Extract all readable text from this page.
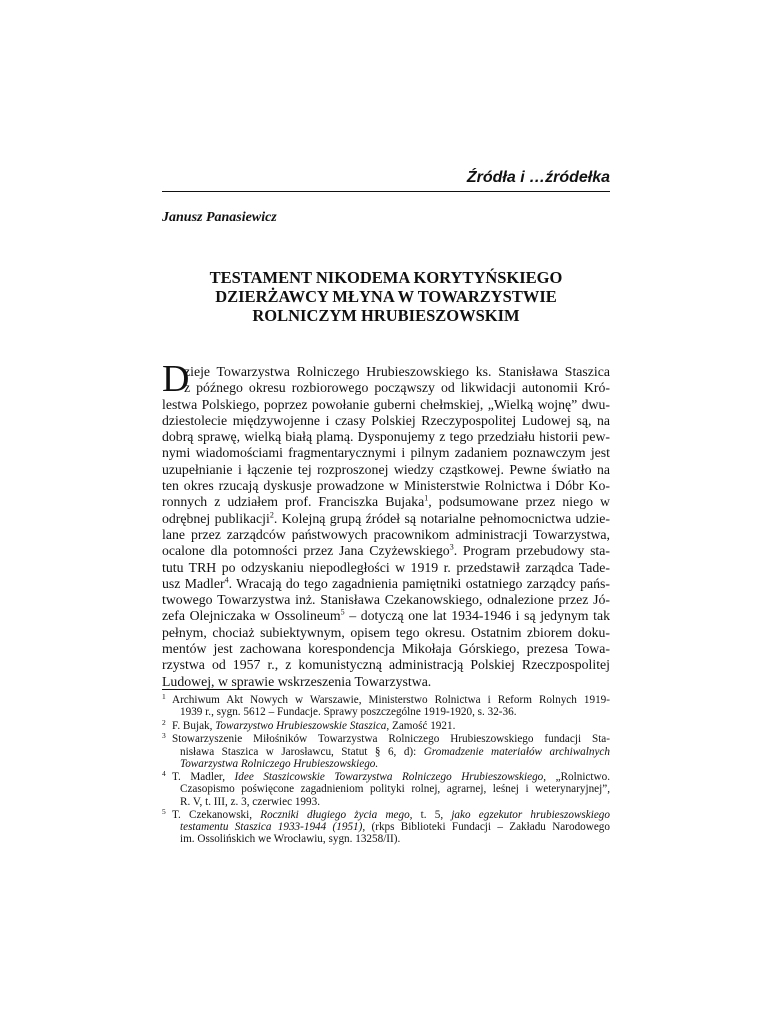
Źródła i …źródełka
Janusz Panasiewicz
TESTAMENT NIKODEMA KORYTYŃSKIEGO
DZIERŻAWCY MŁYNA W TOWARZYSTWIE
ROLNICZYM HRUBIESZOWSKIM
D
zieje Towarzystwa Rolniczego Hrubieszowskiego ks. Stanisława Staszica
z późnego okresu rozbiorowego począwszy od likwidacji autonomii Kró-
lestwa Polskiego, poprzez powołanie guberni chełmskiej, „Wielką wojnę” dwu-
dziestolecie międzywojenne i czasy Polskiej Rzeczypospolitej Ludowej są, na
dobrą sprawę, wielką białą plamą. Dysponujemy z tego przedziału historii pew-
nymi wiadomościami fragmentarycznymi i pilnym zadaniem poznawczym jest
uzupełnianie i łączenie tej rozproszonej wiedzy cząstkowej. Pewne światło na
ten okres rzucają dyskusje prowadzone w Ministerstwie Rolnictwa i Dóbr Ko-
ronnych z udziałem prof. Franciszka Bujaka$^1$, podsumowane przez niego w
odrębnej publikacji$^2$. Kolejną grupą źródeł są notarialne pełnomocnictwa udzie-
lane przez zarządców państwowych pracownikom administracji Towarzystwa,
ocalone dla potomności przez Jana Czyżewskiego$^3$. Program przebudowy sta-
tutu TRH po odzyskaniu niepodległości w 1919 r. przedstawił zarządca Tade-
usz Madler$^4$. Wracają do tego zagadnienia pamiętniki ostatniego zarządcy pańs-
twowego Towarzystwa inż. Stanisława Czekanowskiego, odnalezione przez Jó-
zefa Olejniczaka w Ossolineum$^5$ – dotyczą one lat 1934-1946 i są jedynym tak
pełnym, chociaż subiektywnym, opisem tego okresu. Ostatnim zbiorem doku-
mentów jest zachowana korespondencja Mikołaja Górskiego, prezesa Towa-
rzystwa od 1957 r., z komunistyczną administracją Polskiej Rzeczpospolitej
Ludowej, w sprawie wskrzeszenia Towarzystwa.
1 Archiwum Akt Nowych w Warszawie, Ministerstwo Rolnictwa i Reform Rolnych 1919-
1939 r., sygn. 5612 – Fundacje. Sprawy poszczególne 1919-1920, s. 32-36.
2 F. Bujak, Towarzystwo Hrubieszowskie Staszica, Zamość 1921.
3 Stowarzyszenie Miłośników Towarzystwa Rolniczego Hrubieszowskiego fundacji Sta-
nisława Staszica w Jarosławcu, Statut § 6, d): Gromadzenie materiałów archiwalnych
Towarzystwa Rolniczego Hrubieszowskiego.
4 T. Madler, Idee Staszicowskie Towarzystwa Rolniczego Hrubieszowskiego, „Rolnictwo.
Czasopismo poświęcone zagadnieniom polityki rolnej, agrarnej, leśnej i weterynaryjnej”,
R. V, t. III, z. 3, czerwiec 1993.
5 T. Czekanowski, Roczniki długiego życia mego, t. 5, jako egzekutor hrubieszowskiego
testamentu Staszica 1933-1944 (1951), (rkps Biblioteki Fundacji – Zakładu Narodowego
im. Ossolińskich we Wrocławiu, sygn. 13258/II).
